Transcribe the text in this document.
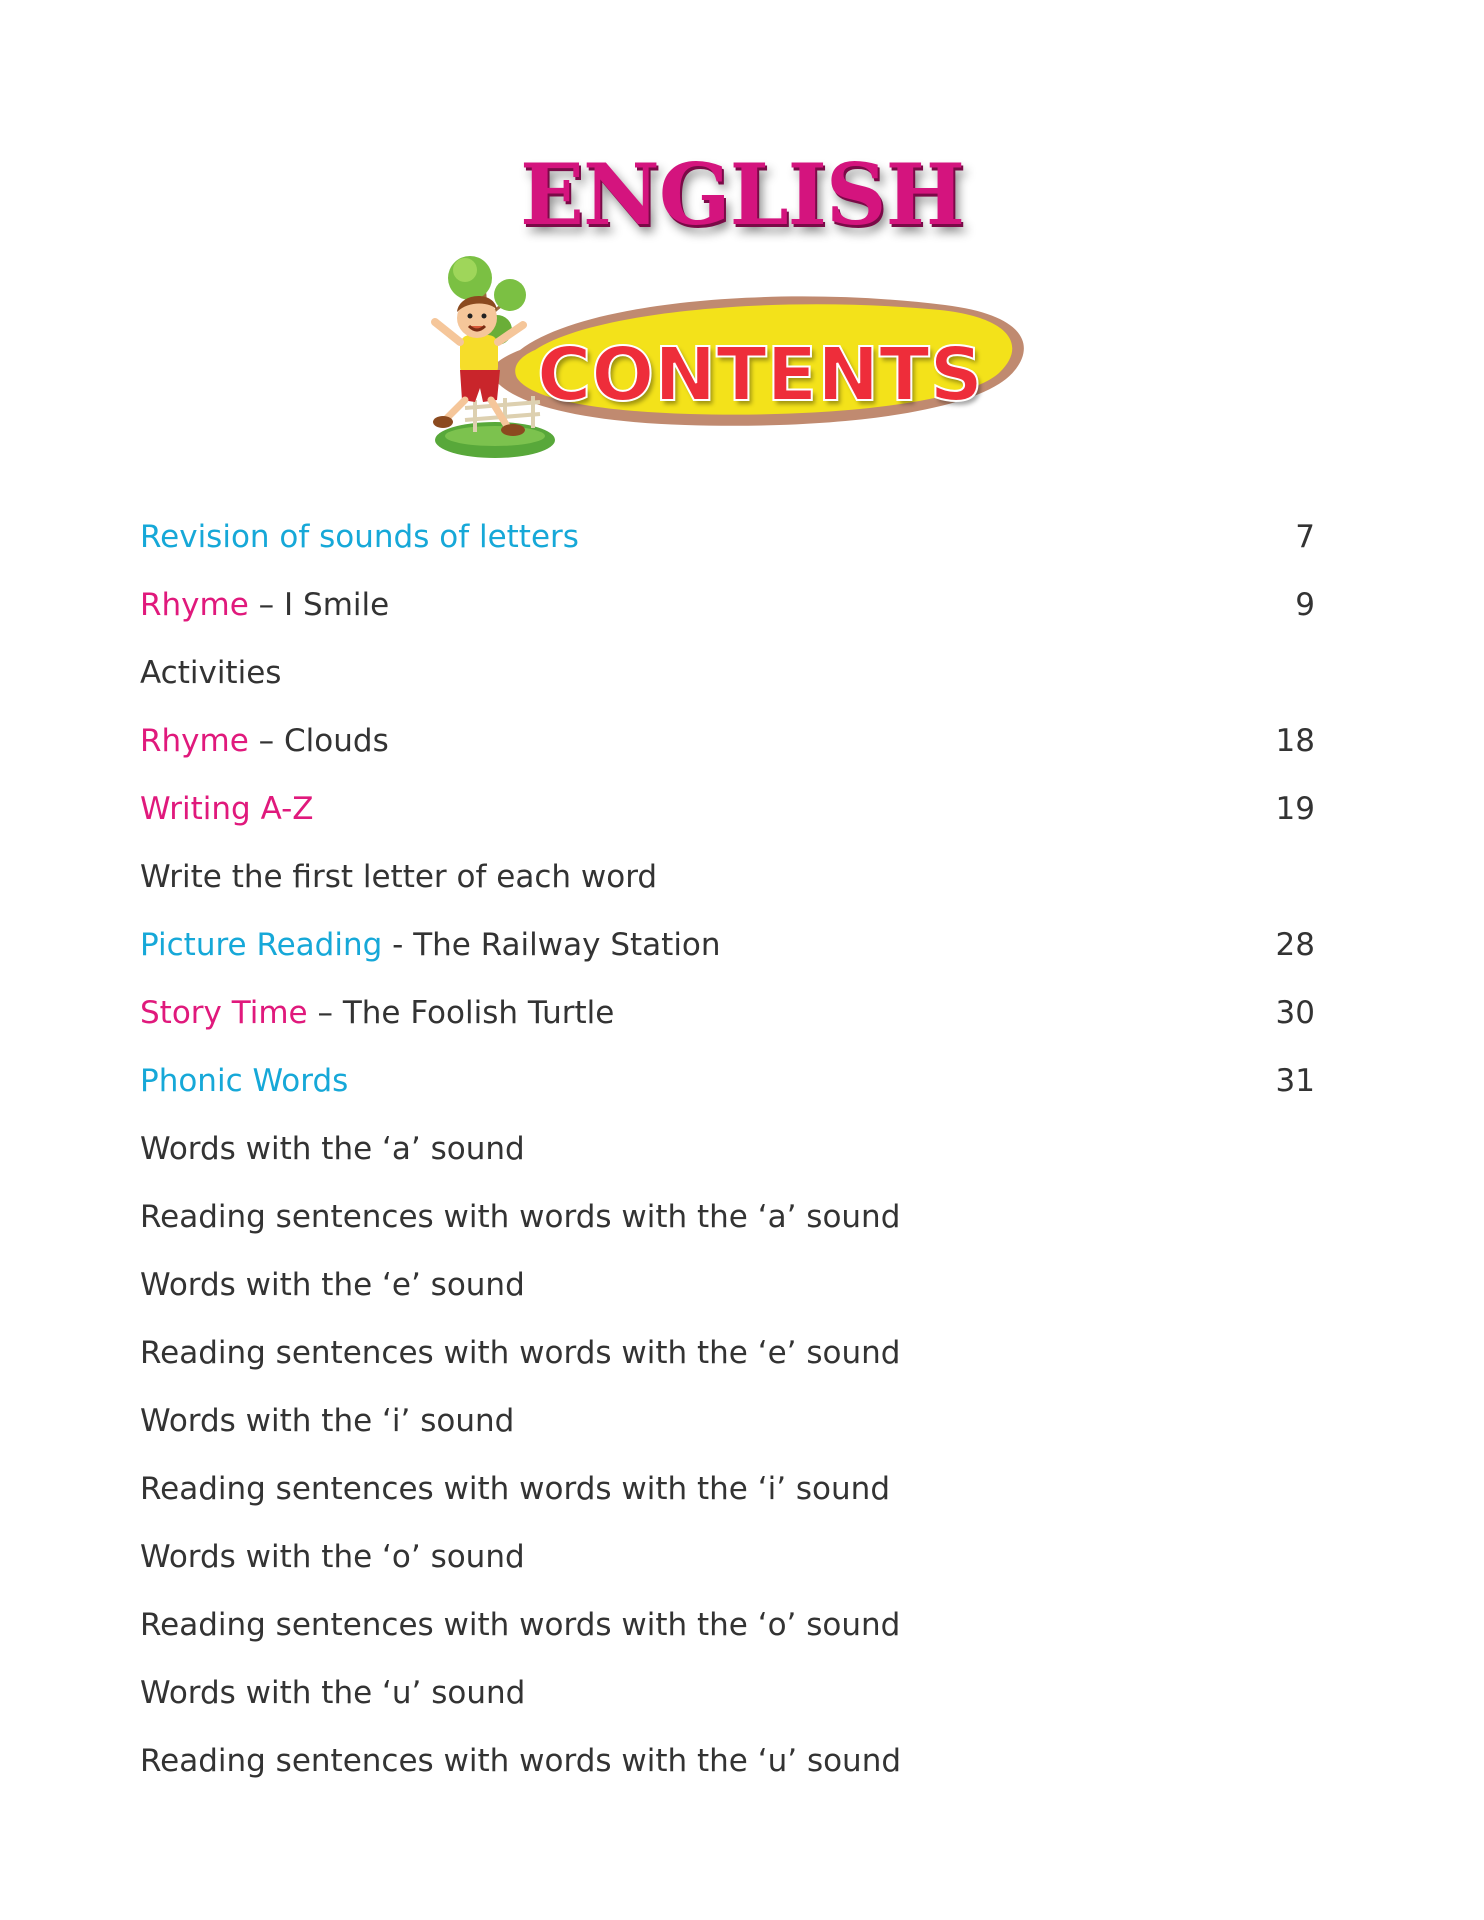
ENGLISH
CONTENTS
Revision of sounds of letters	7
Rhyme – I Smile	9
Activities
Rhyme – Clouds	18
Writing A-Z	19
Write the first letter of each word
Picture Reading - The Railway Station	28
Story Time – The Foolish Turtle	30
Phonic Words	31
Words with the ‘a’ sound
Reading sentences with words with the ‘a’ sound
Words with the ‘e’ sound
Reading sentences with words with the ‘e’ sound
Words with the ‘i’ sound
Reading sentences with words with the ‘i’ sound
Words with the ‘o’ sound
Reading sentences with words with the ‘o’ sound
Words with the ‘u’ sound
Reading sentences with words with the ‘u’ sound
